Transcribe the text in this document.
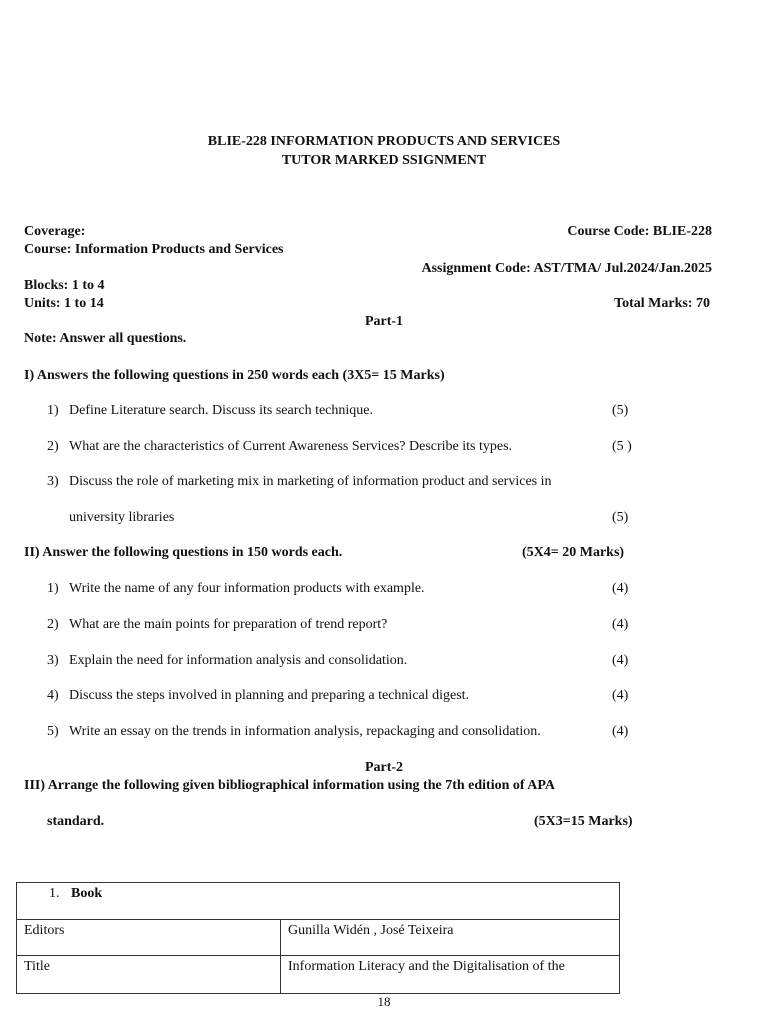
BLIE-228 INFORMATION PRODUCTS AND SERVICES
TUTOR MARKED SSIGNMENT
Coverage:	Course Code: BLIE-228
Course: Information Products and Services
Assignment Code: AST/TMA/ Jul.2024/Jan.2025
Blocks: 1 to 4
Units: 1 to 14	Total Marks: 70
Part-1
Note: Answer all questions.
I) Answers the following questions in 250 words each (3X5= 15 Marks)
1) Define Literature search. Discuss its search technique.	(5)
2) What are the characteristics of Current Awareness Services? Describe its types.	(5 )
3) Discuss the role of marketing mix in marketing of information product and services in
university libraries	(5)
II) Answer the following questions in 150 words each.	(5X4= 20 Marks)
1) Write the name of any four information products with example.	(4)
2) What are the main points for preparation of trend report?	(4)
3) Explain the need for information analysis and consolidation.	(4)
4) Discuss the steps involved in planning and preparing a technical digest.	(4)
5) Write an essay on the trends in information analysis, repackaging and consolidation.	(4)
Part-2
III) Arrange the following given bibliographical information using the 7th edition of APA
standard.	(5X3=15 Marks)
1. Book	
Editors	Gunilla Widén , José Teixeira
Title	Information Literacy and the Digitalisation of the
18
